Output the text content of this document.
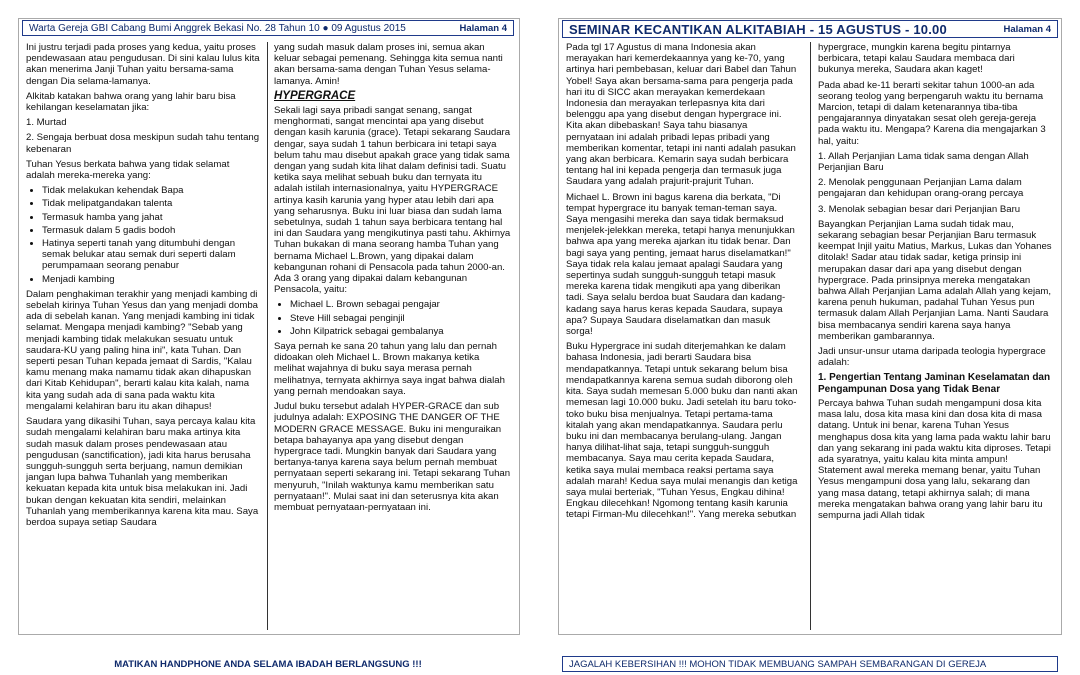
Warta Gereja GBI Cabang Bumi Anggrek Bekasi No. 28 Tahun 10 ● 09 Agustus 2015	Halaman 4

Ini justru terjadi pada proses yang kedua, yaitu proses pendewasaan atau pengudusan. Di sini kalau lulus kita akan menerima Janji Tuhan yaitu bersama-sama dengan Dia selama-lamanya.

Alkitab katakan bahwa orang yang lahir baru bisa kehilangan keselamatan jika:

1. Murtad

2. Sengaja berbuat dosa meskipun sudah tahu tentang kebenaran

Tuhan Yesus berkata bahwa yang tidak selamat adalah mereka-mereka yang:

• Tidak melakukan kehendak Bapa
• Tidak melipatgandakan talenta
• Termasuk hamba yang jahat
• Termasuk dalam 5 gadis bodoh
• Hatinya seperti tanah yang ditumbuhi dengan semak belukar atau semak duri seperti dalam perumpamaan seorang penabur
• Menjadi kambing

Dalam penghakiman terakhir yang menjadi kambing di sebelah kirinya Tuhan Yesus dan yang menjadi domba ada di sebelah kanan. Yang menjadi kambing ini tidak selamat. Mengapa menjadi kambing? "Sebab yang menjadi kambing tidak melakukan sesuatu untuk saudara-KU yang paling hina ini", kata Tuhan. Dan seperti pesan Tuhan kepada jemaat di Sardis, "Kalau kamu menang maka namamu tidak akan dihapuskan dari Kitab Kehidupan", berarti kalau kita kalah, nama kita yang sudah ada di sana pada waktu kita mengalami kelahiran baru itu akan dihapus!

Saudara yang dikasihi Tuhan, saya percaya kalau kita sudah mengalami kelahiran baru maka artinya kita sudah masuk dalam proses pendewasaan atau pengudusan (sanctification), jadi kita harus berusaha sungguh-sungguh serta berjuang, namun demikian jangan lupa bahwa Tuhanlah yang memberikan kekuatan kepada kita untuk bisa melakukan ini. Jadi bukan dengan kekuatan kita sendiri, melainkan Tuhanlah yang memberikannya karena kita mau. Saya berdoa supaya setiap Saudara

yang sudah masuk dalam proses ini, semua akan keluar sebagai pemenang. Sehingga kita semua nanti akan bersama-sama dengan Tuhan Yesus selama-lamanya. Amin!

HYPERGRACE

Sekali lagi saya pribadi sangat senang, sangat menghormati, sangat mencintai apa yang disebut dengan kasih karunia (grace). Tetapi sekarang Saudara dengar, saya sudah 1 tahun berbicara ini tetapi saya belum tahu mau disebut apakah grace yang tidak sama dengan yang sudah kita lihat dalam definisi tadi. Suatu ketika saya melihat sebuah buku dan ternyata itu adalah istilah internasionalnya, yaitu HYPERGRACE artinya kasih karunia yang hyper atau lebih dari apa yang seharusnya. Buku ini luar biasa dan sudah lama sebetulnya, sudah 1 tahun saya berbicara tentang hal ini dan Saudara yang mengikutinya pasti tahu. Akhirnya Tuhan bukakan di mana seorang hamba Tuhan yang bernama Michael L.Brown, yang dipakai dalam kebangunan rohani di Pensacola pada tahun 2000-an. Ada 3 orang yang dipakai dalam kebangunan Pensacola, yaitu:

• Michael L. Brown sebagai pengajar
• Steve Hill sebagai penginjil
• John Kilpatrick sebagai gembalanya

Saya pernah ke sana 20 tahun yang lalu dan pernah didoakan oleh Michael L. Brown makanya ketika melihat wajahnya di buku saya merasa pernah melihatnya, ternyata akhirnya saya ingat bahwa dialah yang pernah mendoakan saya.

Judul buku tersebut adalah HYPER-GRACE dan sub judulnya adalah: EXPOSING THE DANGER OF THE MODERN GRACE MESSAGE. Buku ini menguraikan betapa bahayanya apa yang disebut dengan hypergrace tadi. Mungkin banyak dari Saudara yang bertanya-tanya karena saya belum pernah membuat pernyataan seperti sekarang ini. Tetapi sekarang Tuhan menyuruh, "Inilah waktunya kamu memberikan satu pernyataan!". Mulai saat ini dan seterusnya kita akan membuat pernyataan-pernyataan ini.

MATIKAN HANDPHONE ANDA SELAMA IBADAH BERLANGSUNG !!!
SEMINAR KECANTIKAN ALKITABIAH - 15 AGUSTUS - 10.00	Halaman 4

Pada tgl 17 Agustus di mana Indonesia akan merayakan hari kemerdekaannya yang ke-70, yang artinya hari pembebasan, keluar dari Babel dan Tahun Yobel! Saya akan bersama-sama para pengerja pada hari itu di SICC akan merayakan kemerdekaan Indonesia dan merayakan terlepasnya kita dari belenggu apa yang disebut dengan hypergrace ini. Kita akan dibebaskan! Saya tahu biasanya pernyataan ini adalah pribadi lepas pribadi yang memberikan komentar, tetapi ini nanti adalah pasukan yang akan berbicara. Kemarin saya sudah berbicara tentang hal ini kepada pengerja dan termasuk juga Saudara yang adalah prajurit-prajurit Tuhan.

Michael L. Brown ini bagus karena dia berkata, "Di tempat hypergrace itu banyak teman-teman saya. Saya mengasihi mereka dan saya tidak bermaksud menjelek-jelekkan mereka, tetapi hanya menunjukkan bahwa apa yang mereka ajarkan itu tidak benar. Dan bagi saya yang penting, jemaat harus diselamatkan!" Saya tidak rela kalau jemaat apalagi Saudara yang sepertinya sudah sungguh-sungguh tetapi masuk mereka karena tidak mengikuti apa yang diberikan tadi. Saya selalu berdoa buat Saudara dan kadang-kadang saya harus keras kepada Saudara, supaya apa? Supaya Saudara diselamatkan dan masuk sorga!

Buku Hypergrace ini sudah diterjemahkan ke dalam bahasa Indonesia, jadi berarti Saudara bisa mendapatkannya. Tetapi untuk sekarang belum bisa mendapatkannya karena semua sudah diborong oleh kita. Saya sudah memesan 5.000 buku dan nanti akan memesan lagi 10.000 buku. Jadi setelah itu baru toko-toko buku bisa menjualnya. Tetapi pertama-tama kitalah yang akan mendapatkannya. Saudara perlu buku ini dan membacanya berulang-ulang. Jangan hanya dilihat-lihat saja, tetapi sungguh-sungguh membacanya. Saya mau cerita kepada Saudara, ketika saya mulai membaca reaksi pertama saya adalah marah! Kedua saya mulai menangis dan ketiga saya mulai berteriak, "Tuhan Yesus, Engkau dihina! Engkau dilecehkan! Ngomong tentang kasih karunia tetapi Firman-Mu dilecehkan!". Yang mereka sebutkan

hypergrace, mungkin karena begitu pintarnya berbicara, tetapi kalau Saudara membaca dari bukunya mereka, Saudara akan kaget!

Pada abad ke-11 berarti sekitar tahun 1000-an ada seorang teolog yang berpengaruh waktu itu bernama Marcion, tetapi di dalam ketenarannya tiba-tiba pengajarannya dinyatakan sesat oleh gereja-gereja pada waktu itu. Mengapa? Karena dia mengajarkan 3 hal, yaitu:

1. Allah Perjanjian Lama tidak sama dengan Allah Perjanjian Baru

2. Menolak penggunaan Perjanjian Lama dalam pengajaran dan kehidupan orang-orang percaya

3. Menolak sebagian besar dari Perjanjian Baru

Bayangkan Perjanjian Lama sudah tidak mau, sekarang sebagian besar Perjanjian Baru termasuk keempat Injil yaitu Matius, Markus, Lukas dan Yohanes ditolak! Sadar atau tidak sadar, ketiga prinsip ini merupakan dasar dari apa yang disebut dengan hypergrace. Pada prinsipnya mereka mengatakan bahwa Allah Perjanjian Lama adalah Allah yang kejam, karena penuh hukuman, padahal Tuhan Yesus pun termasuk dalam Allah Perjanjian Lama. Nanti Saudara bisa membacanya sendiri karena saya hanya memberikan gambarannya.

Jadi unsur-unsur utama daripada teologia hypergrace adalah:

1. Pengertian Tentang Jaminan Keselamatan dan Pengampunan Dosa yang Tidak Benar

Percaya bahwa Tuhan sudah mengampuni dosa kita masa lalu, dosa kita masa kini dan dosa kita di masa datang. Untuk ini benar, karena Tuhan Yesus menghapus dosa kita yang lama pada waktu lahir baru dan yang sekarang ini pada waktu kita diproses. Tetapi ada syaratnya, yaitu kalau kita minta ampun! Statement awal mereka memang benar, yaitu Tuhan Yesus mengampuni dosa yang lalu, sekarang dan yang masa datang, tetapi akhirnya salah; di mana mereka mengatakan bahwa orang yang lahir baru itu sempurna jadi Allah tidak

JAGALAH KEBERSIHAN !!! MOHON TIDAK MEMBUANG SAMPAH SEMBARANGAN DI GEREJA
